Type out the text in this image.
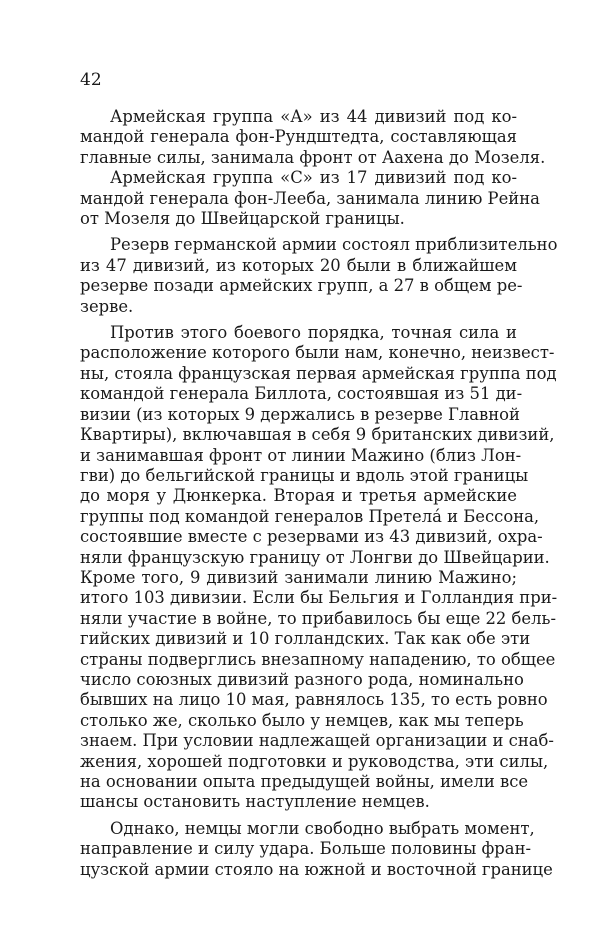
42
Армейская группа «А» из 44 дивизий под ко-
мандой генерала фон-Рундштедта, составляющая
главные силы, занимала фронт от Аахена до Мозеля.
Армейская группа «С» из 17 дивизий под ко-
мандой генерала фон-Лееба, занимала линию Рейна
от Мозеля до Швейцарской границы.
Резерв германской армии состоял приблизительно
из 47 дивизий, из которых 20 были в ближайшем
резерве позади армейских групп, а 27 в общем ре-
зерве.
Против этого боевого порядка, точная сила и
расположение которого были нам, конечно, неизвест-
ны, стояла французская первая армейская группа под
командой генерала Биллота, состоявшая из 51 ди-
визии (из которых 9 держались в резерве Главной
Квартиры), включавшая в себя 9 британских дивизий,
и занимавшая фронт от линии Мажино (близ Лон-
гви) до бельгийской границы и вдоль этой границы
до моря у Дюнкерка. Вторая и третья армейские
группы под командой генералов Претела́ и Бессона,
состоявшие вместе с резервами из 43 дивизий, охра-
няли французскую границу от Лонгви до Швейцарии.
Кроме того, 9 дивизий занимали линию Мажино;
итого 103 дивизии. Если бы Бельгия и Голландия при-
няли участие в войне, то прибавилось бы еще 22 бель-
гийских дивизий и 10 голландских. Так как обе эти
страны подверглись внезапному нападению, то общее
число союзных дивизий разного рода, номинально
бывших на лицо 10 мая, равнялось 135, то есть ровно
столько же, сколько было у немцев, как мы теперь
знаем. При условии надлежащей организации и снаб-
жения, хорошей подготовки и руководства, эти силы,
на основании опыта предыдущей войны, имели все
шансы остановить наступление немцев.
Однако, немцы могли свободно выбрать момент,
направление и силу удара. Больше половины фран-
цузской армии стояло на южной и восточной границе
